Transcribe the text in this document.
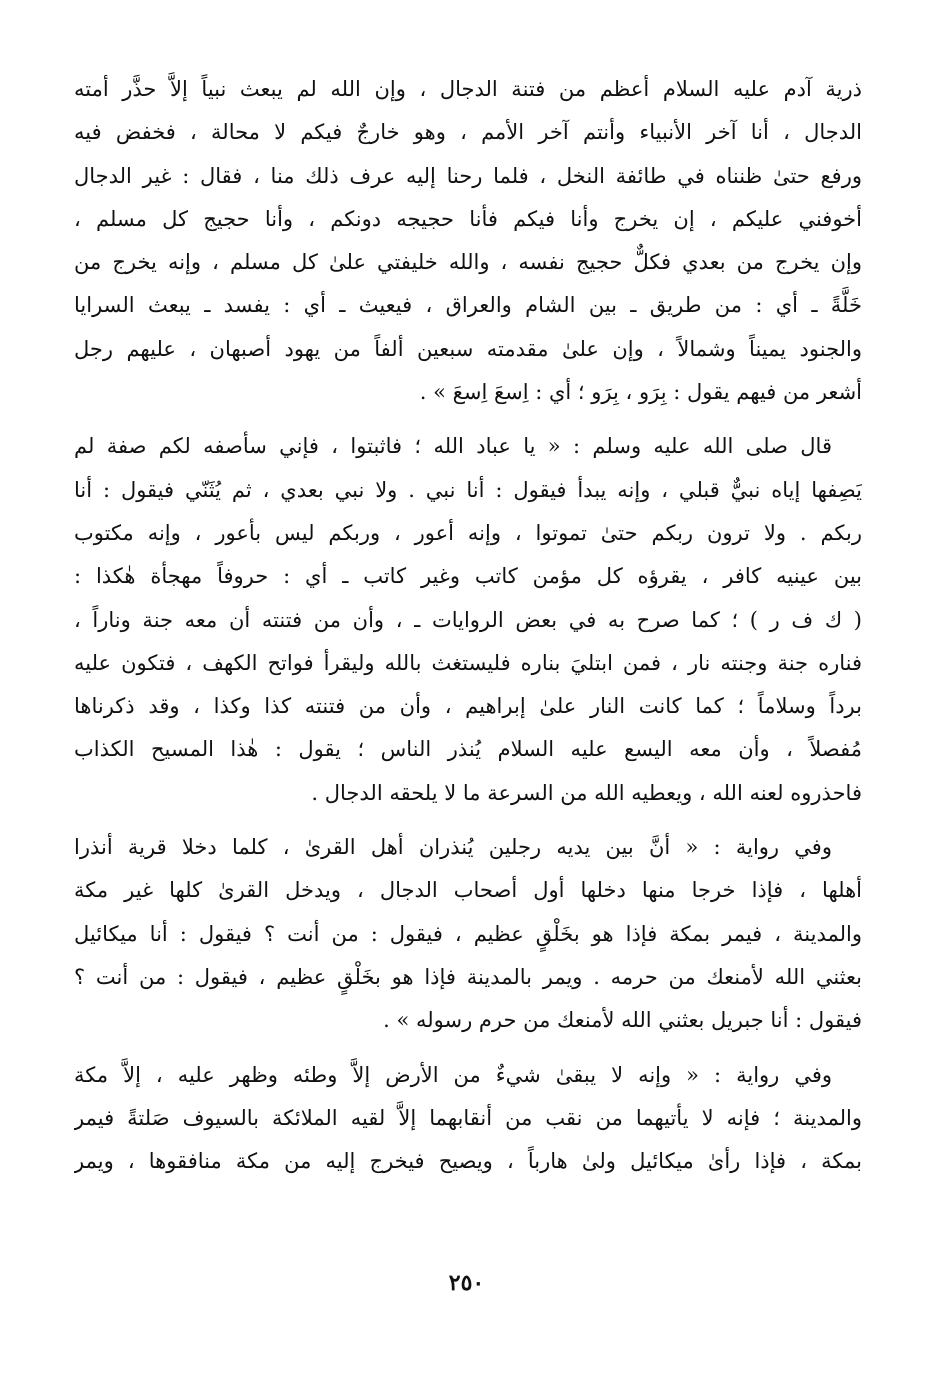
ذرية آدم عليه السلام أعظم من فتنة الدجال ، وإن الله لم يبعث نبياً إلاَّ حذَّر أمته
الدجال ، أنا آخر الأنبياء وأنتم آخر الأمم ، وهو خارجٌ فيكم لا محالة ، فخفض فيه
ورفع حتىٰ ظنناه في طائفة النخل ، فلما رحنا إليه عرف ذلك منا ، فقال : غير الدجال
أخوفني عليكم ، إن يخرج وأنا فيكم فأنا حجيجه دونكم ، وأنا حجيج كل مسلم ،
وإن يخرج من بعدي فكلٌّ حجيج نفسه ، والله خليفتي علىٰ كل مسلم ، وإنه يخرج من
خَلَّةً ـ أي : من طريق ـ بين الشام والعراق ، فيعيث ـ أي : يفسد ـ يبعث السرايا
والجنود يميناً وشمالاً ، وإن علىٰ مقدمته سبعين ألفاً من يهود أصبهان ، عليهم رجل
أشعر من فيهم يقول : بِرَو ، بِرَو ؛ أي : اِسعَ اِسعَ » .
قال صلى الله عليه وسلم : « يا عباد الله ؛ فاثبتوا ، فإني سأصفه لكم صفة لم
يَصِفها إياه نبيٌّ قبلي ، وإنه يبدأ فيقول : أنا نبي . ولا نبي بعدي ، ثم يُثَنّي فيقول : أنا
ربكم . ولا ترون ربكم حتىٰ تموتوا ، وإنه أعور ، وربكم ليس بأعور ، وإنه مكتوب
بين عينيه كافر ، يقرؤه كل مؤمن كاتب وغير كاتب ـ أي : حروفاً مهجأة هٰكذا :
( ك ف ر ) ؛ كما صرح به في بعض الروايات ـ ، وأن من فتنته أن معه جنة وناراً ،
فناره جنة وجنته نار ، فمن ابتليَ بناره فليستغث بالله وليقرأ فواتح الكهف ، فتكون عليه
برداً وسلاماً ؛ كما كانت النار علىٰ إبراهيم ، وأن من فتنته كذا وكذا ، وقد ذكرناها
مُفصلاً ، وأن معه اليسع عليه السلام يُنذر الناس ؛ يقول : هٰذا المسيح الكذاب
فاحذروه لعنه الله ، ويعطيه الله من السرعة ما لا يلحقه الدجال .
وفي رواية : « أنَّ بين يديه رجلين يُنذران أهل القرىٰ ، كلما دخلا قرية أنذرا
أهلها ، فإذا خرجا منها دخلها أول أصحاب الدجال ، ويدخل القرىٰ كلها غير مكة
والمدينة ، فيمر بمكة فإذا هو بخَلْقٍ عظيم ، فيقول : من أنت ؟ فيقول : أنا ميكائيل
بعثني الله لأمنعك من حرمه . ويمر بالمدينة فإذا هو بخَلْقٍ عظيم ، فيقول : من أنت ؟
فيقول : أنا جبريل بعثني الله لأمنعك من حرم رسوله » .
وفي رواية : « وإنه لا يبقىٰ شيءٌ من الأرض إلاَّ وطئه وظهر عليه ، إلاَّ مكة
والمدينة ؛ فإنه لا يأتيهما من نقب من أنقابهما إلاَّ لقيه الملائكة بالسيوف صَلتةً فيمر
بمكة ، فإذا رأىٰ ميكائيل ولىٰ هارباً ، ويصيح فيخرج إليه من مكة منافقوها ، ويمر
٢٥٠
